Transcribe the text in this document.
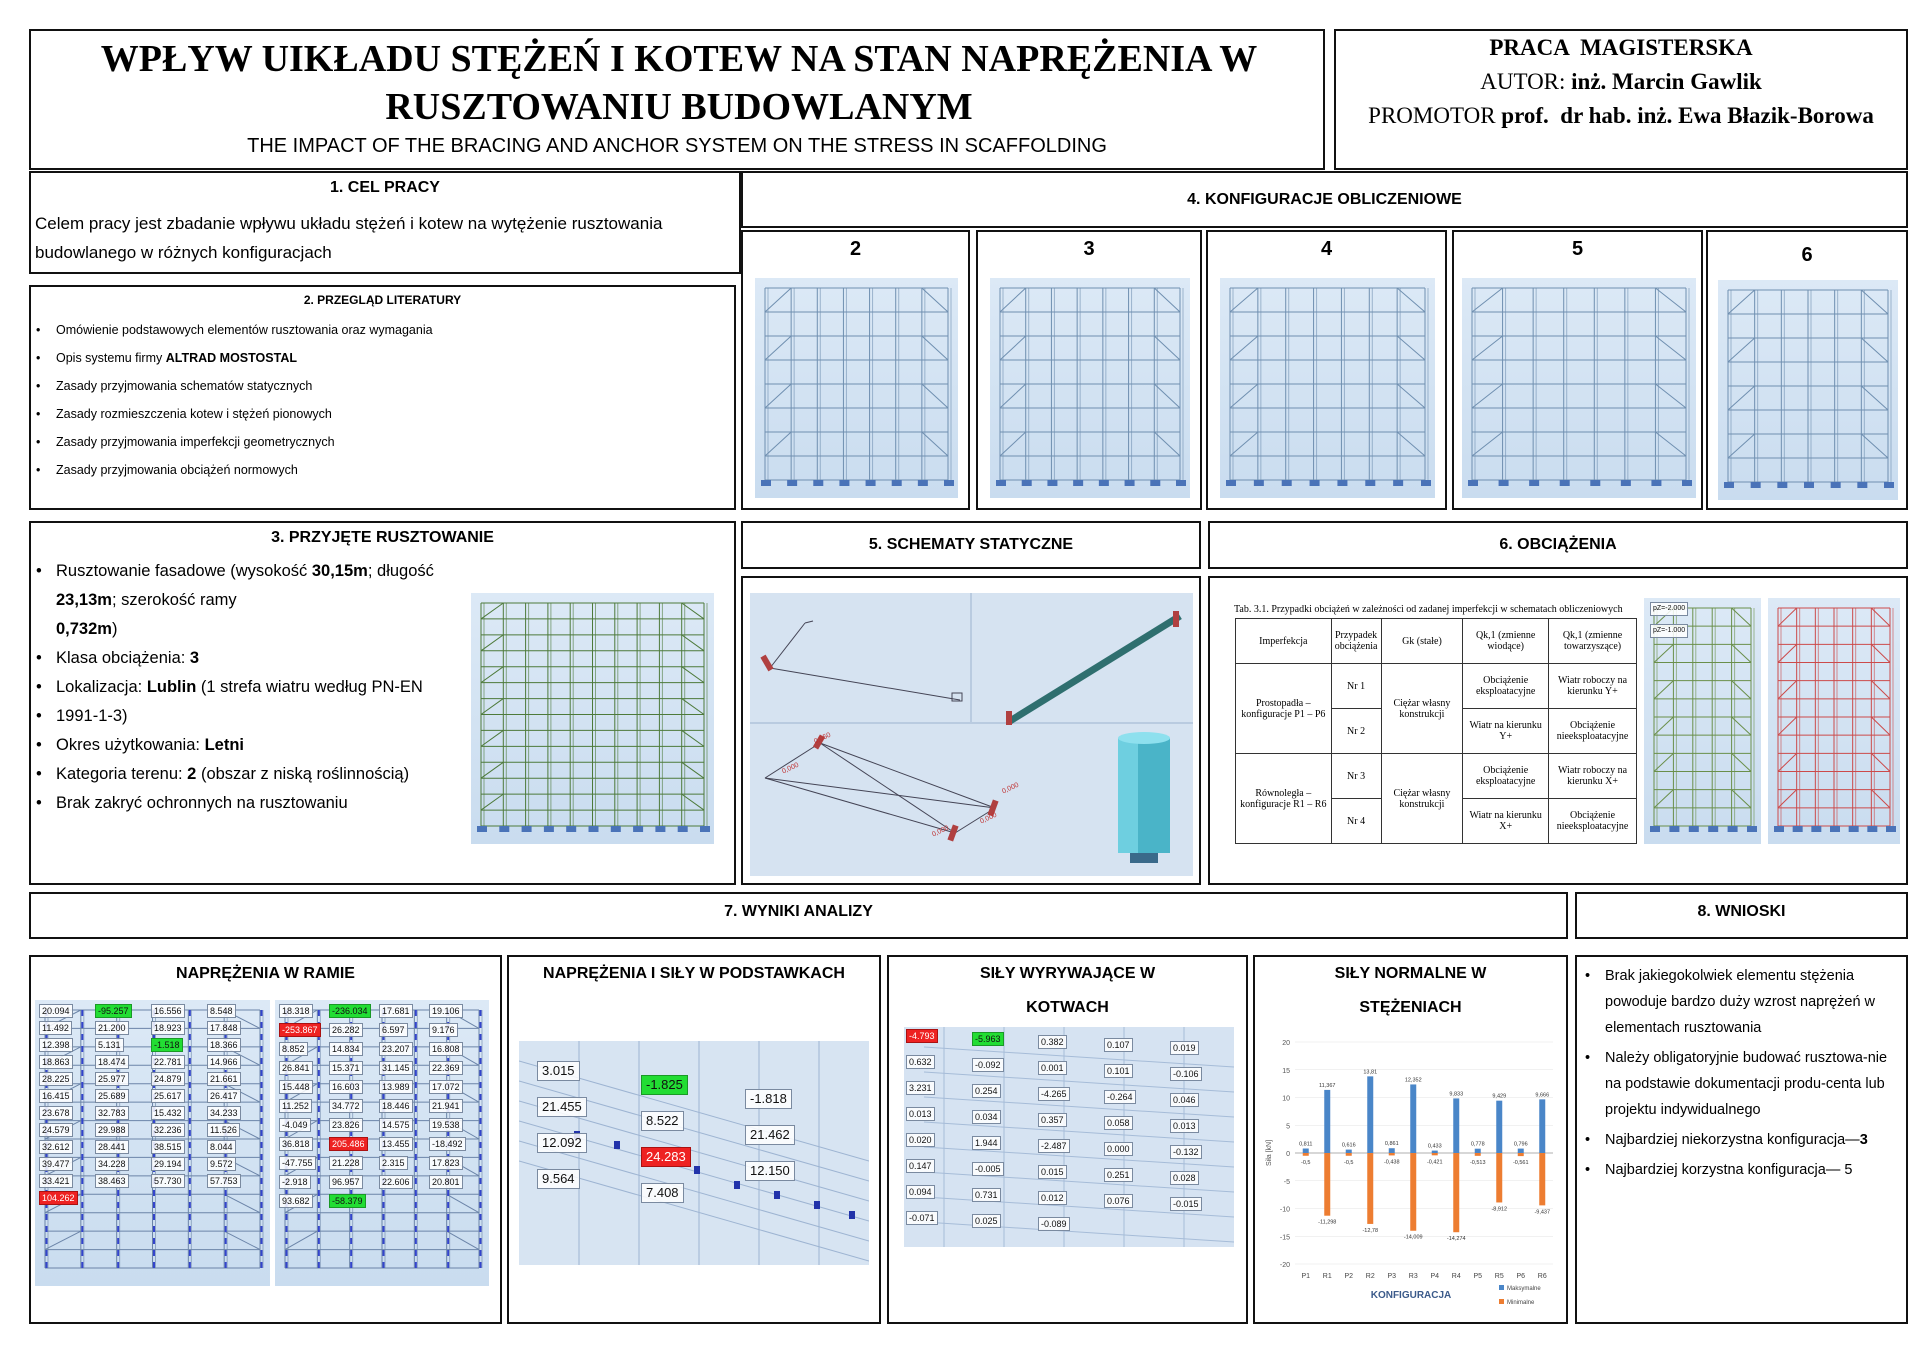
WPŁYW UIKŁADU STĘŻEŃ I KOTEW NA STAN NAPRĘŻENIA W RUSZTOWANIU BUDOWLANYM
THE IMPACT OF THE BRACING AND ANCHOR SYSTEM ON THE STRESS IN SCAFFOLDING
PRACA  MAGISTERSKA
AUTOR: inż. Marcin Gawlik
PROMOTOR prof.  dr hab. inż. Ewa Błazik-Borowa
1. CEL PRACY
Celem pracy jest zbadanie wpływu układu stężeń i kotew na wytężenie rusztowania budowlanego w różnych konfiguracjach
2. PRZEGLĄD LITERATURY
• Omówienie podstawowych elementów rusztowania oraz wymagania
• Opis systemu firmy ALTRAD MOSTOSTAL
• Zasady przyjmowania schematów statycznych
• Zasady rozmieszczenia kotew i stężeń pionowych
• Zasady przyjmowania imperfekcji geometrycznych
• Zasady przyjmowania obciążeń normowych
3. PRZYJĘTE RUSZTOWANIE
• Rusztowanie fasadowe (wysokość 30,15m; długość 23,13m; szerokość ramy
0,732m)
• Klasa obciążenia: 3
• Lokalizacja: Lublin (1 strefa wiatru według PN-EN
• 1991-1-3)
• Okres użytkowania: Letni
• Kategoria terenu: 2 (obszar z niską roślinnością)
• Brak zakryć ochronnych na rusztowaniu
4. KONFIGURACJE OBLICZENIOWE
2	3	4	5	6
5. SCHEMATY STATYCZNE
0,000
0,050
0,000
0,000
0,000
6. OBCIĄŻENIA
Tab. 3.1. Przypadki obciążeń w zależności od zadanej imperfekcji w schematach obliczeniowych
Imperfekcja	Przypadek obciążenia	Gk (stałe)	Qk,1 (zmienne wiodące)	Qk,1 (zmienne towarzyszące)
Prostopadła – konfiguracje P1 – P6	Nr 1	Ciężar własny konstrukcji	Obciążenie eksploatacyjne	Wiatr roboczy na kierunku Y+
	Nr 2		Wiatr na kierunku Y+	Obciążenie nieeksploatacyjne
Równoległa – konfiguracje R1 – R6	Nr 3	Ciężar własny konstrukcji	Obciążenie eksploatacyjne	Wiatr roboczy na kierunku X+
	Nr 4		Wiatr na kierunku X+	Obciążenie nieeksploatacyjne
pZ=-2.000
pZ=-1.000
7. WYNIKI ANALIZY
NAPRĘŻENIA W RAMIE
20.094	-95.257	16.556	8.548
11.492	21.200	18.923	17.848
12.398	5.131	-1.518	18.366
18.863	18.474	22.781	14.966
28.225	25.977	24.879	21.661
16.415	25.689	25.617	26.417
23.678	32.783	15.432	34.233
24.579	29.988	32.236	11.526
32.612	28.441	38.515	8.044
39.477	34.228	29.194	9.572
33.421	38.463	57.730	57.753
104.262
18.318	-236.034	17.681	19.106
-253.867	26.282	6.597	9.176
8.852	14.834	23.207	16.808
26.841	15.371	31.145	22.369
15.448	16.603	13.989	17.072
11.252	34.772	18.446	21.941
-4.049	23.826	14.575	19.538
36.818	205.486	13.455	-18.492
-47.755	21.228	2.315	17.823
-2.918	96.957	22.606	20.801
93.682	-58.379
NAPRĘŻENIA I SIŁY W PODSTAWKACH
3.015
-1.825
-1.818
21.455
8.522
21.462
12.092
24.283
12.150
9.564
7.408
SIŁY WYRYWAJĄCE W
KOTWACH
-4.793	-5.963	0.382	0.107	0.019
0.632	-0.092	0.001	0.101	-0.106
3.231	0.254	-4.265	-0.264	0.046
0.013	0.034	0.357	0.058	0.013
0.020	1.944	-2.487	0.000	-0.132
0.147	-0.005	0.015	0.251	0.028
0.094	0.731	0.012	0.076	-0.015
-0.071	0.025	-0.089
SIŁY NORMALNE W
STĘŻENIACH
20
15
10
5
0
-5
-10
-15
-20
P1 R1 P2 R2 P3 R3 P4 R4 P5 R5 P6 R6
0,811
11,367
0,616
13,81
0,861
12,352
0,433
9,833
0,778
9,429
0,796
9,666
-0,5
-11,298
-0,5
-12,78
-0,438
-14,009
-0,421
-14,274
-0,513
-8,912
-0,561
-9,437
Siła [kN]
KONFIGURACJA
Maksymalne
Minimalne
8. WNIOSKI
• Brak jakiegokolwiek elementu stężenia powoduje bardzo duży wzrost naprężeń w elementach rusztowania
• Należy obligatoryjnie budować rusztowa-nie na podstawie dokumentacji produ-centa lub projektu indywidualnego
• Najbardziej niekorzystna konfiguracja—3
• Najbardziej korzystna konfiguracja— 5
